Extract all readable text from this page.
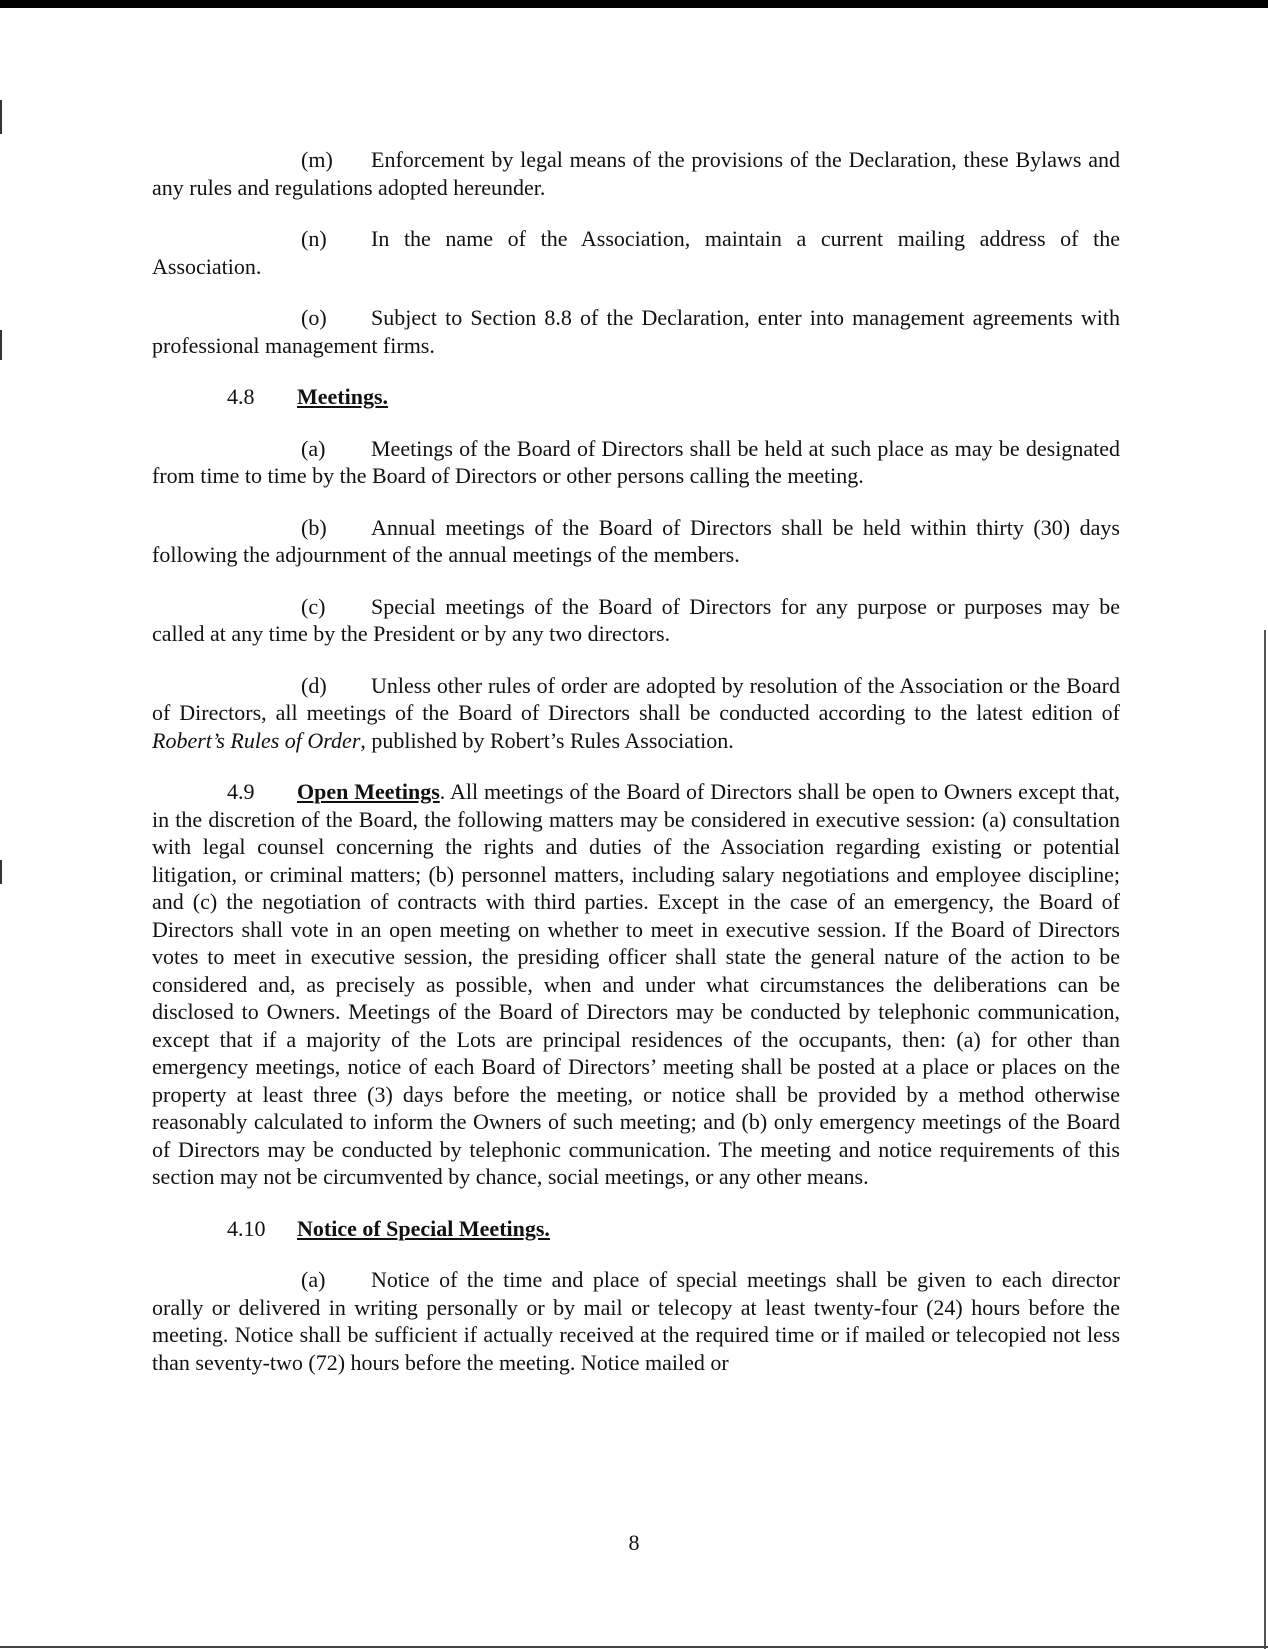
(m) Enforcement by legal means of the provisions of the Declaration, these Bylaws and any rules and regulations adopted hereunder.

(n) In the name of the Association, maintain a current mailing address of the Association.

(o) Subject to Section 8.8 of the Declaration, enter into management agreements with professional management firms.

4.8 Meetings.

(a) Meetings of the Board of Directors shall be held at such place as may be designated from time to time by the Board of Directors or other persons calling the meeting.

(b) Annual meetings of the Board of Directors shall be held within thirty (30) days following the adjournment of the annual meetings of the members.

(c) Special meetings of the Board of Directors for any purpose or purposes may be called at any time by the President or by any two directors.

(d) Unless other rules of order are adopted by resolution of the Association or the Board of Directors, all meetings of the Board of Directors shall be conducted according to the latest edition of Robert’s Rules of Order, published by Robert’s Rules Association.

4.9 Open Meetings. All meetings of the Board of Directors shall be open to Owners except that, in the discretion of the Board, the following matters may be considered in executive session: (a) consultation with legal counsel concerning the rights and duties of the Association regarding existing or potential litigation, or criminal matters; (b) personnel matters, including salary negotiations and employee discipline; and (c) the negotiation of contracts with third parties. Except in the case of an emergency, the Board of Directors shall vote in an open meeting on whether to meet in executive session. If the Board of Directors votes to meet in executive session, the presiding officer shall state the general nature of the action to be considered and, as precisely as possible, when and under what circumstances the deliberations can be disclosed to Owners. Meetings of the Board of Directors may be conducted by telephonic communication, except that if a majority of the Lots are principal residences of the occupants, then: (a) for other than emergency meetings, notice of each Board of Directors’ meeting shall be posted at a place or places on the property at least three (3) days before the meeting, or notice shall be provided by a method otherwise reasonably calculated to inform the Owners of such meeting; and (b) only emergency meetings of the Board of Directors may be conducted by telephonic communication. The meeting and notice requirements of this section may not be circumvented by chance, social meetings, or any other means.

4.10 Notice of Special Meetings.

(a) Notice of the time and place of special meetings shall be given to each director orally or delivered in writing personally or by mail or telecopy at least twenty-four (24) hours before the meeting. Notice shall be sufficient if actually received at the required time or if mailed or telecopied not less than seventy-two (72) hours before the meeting. Notice mailed or

8
